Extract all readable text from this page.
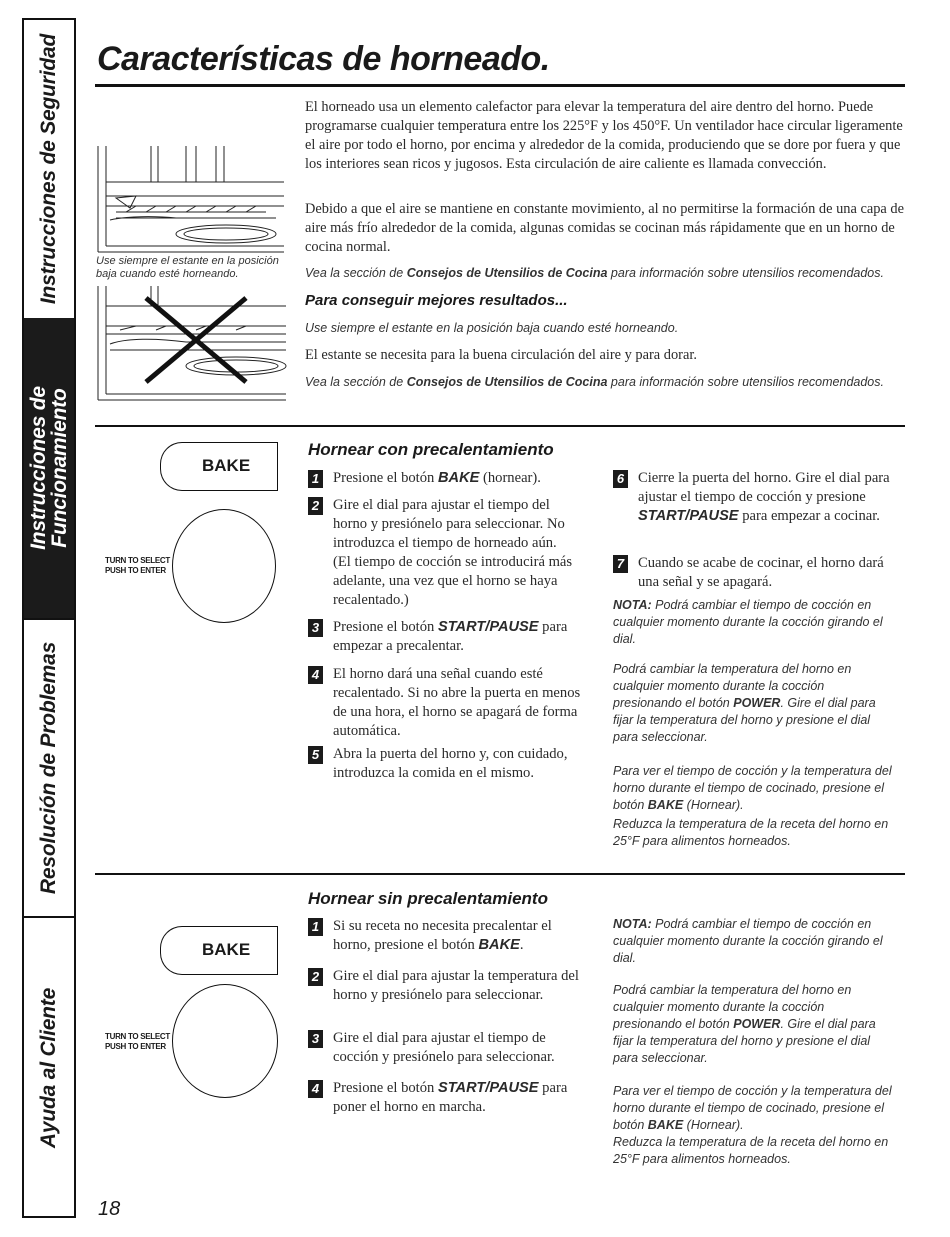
Instrucciones de Seguridad
Instrucciones de
Funcionamiento
Resolución de Problemas
Ayuda al Cliente
Características de horneado.
Use siempre el estante en la posición baja cuando esté horneando.
El horneado usa un elemento calefactor para elevar la temperatura del aire dentro del horno. Puede programarse cualquier temperatura entre los 225°F y los 450°F. Un ventilador hace circular ligeramente el aire por todo el horno, por encima y alrededor de la comida, produciendo que se dore por fuera y que los interiores sean ricos y jugosos. Esta circulación de aire caliente es llamada convección.
Debido a que el aire se mantiene en constante movimiento, al no permitirse la formación de una capa de aire más frío alrededor de la comida, algunas comidas se cocinan más rápidamente que en un horno de cocina normal.
Vea la sección de Consejos de Utensilios de Cocina para información sobre utensilios recomendados.
Para conseguir mejores resultados...
Use siempre el estante en la posición baja cuando esté horneando.
El estante se necesita para la buena circulación del aire y para dorar.
Vea la sección de Consejos de Utensilios de Cocina para información sobre utensilios recomendados.
BAKE
TURN TO SELECT
PUSH TO ENTER
Hornear con precalentamiento
1 Presione el botón BAKE (hornear).
2 Gire el dial para ajustar el tiempo del horno y presiónelo para seleccionar. No introduzca el tiempo de horneado aún. (El tiempo de cocción se introducirá más adelante, una vez que el horno se haya recalentado.)
3 Presione el botón START/PAUSE para empezar a precalentar.
4 El horno dará una señal cuando esté recalentado. Si no abre la puerta en menos de una hora, el horno se apagará de forma automática.
5 Abra la puerta del horno y, con cuidado, introduzca la comida en el mismo.
6 Cierre la puerta del horno. Gire el dial para ajustar el tiempo de cocción y presione START/PAUSE para empezar a cocinar.
7 Cuando se acabe de cocinar, el horno dará una señal y se apagará.
NOTA: Podrá cambiar el tiempo de cocción en cualquier momento durante la cocción girando el dial.
Podrá cambiar la temperatura del horno en cualquier momento durante la cocción presionando el botón POWER. Gire el dial para fijar la temperatura del horno y presione el dial para seleccionar.
Para ver el tiempo de cocción y la temperatura del horno durante el tiempo de cocinado, presione el botón BAKE (Hornear).
Reduzca la temperatura de la receta del horno en 25°F para alimentos horneados.
BAKE
TURN TO SELECT
PUSH TO ENTER
Hornear sin precalentamiento
1 Si su receta no necesita precalentar el horno, presione el botón BAKE.
2 Gire el dial para ajustar la temperatura del horno y presiónelo para seleccionar.
3 Gire el dial para ajustar el tiempo de cocción y presiónelo para seleccionar.
4 Presione el botón START/PAUSE para poner el horno en marcha.
NOTA: Podrá cambiar el tiempo de cocción en cualquier momento durante la cocción girando el dial.
Podrá cambiar la temperatura del horno en cualquier momento durante la cocción presionando el botón POWER. Gire el dial para fijar la temperatura del horno y presione el dial para seleccionar.
Para ver el tiempo de cocción y la temperatura del horno durante el tiempo de cocinado, presione el botón BAKE (Hornear).
Reduzca la temperatura de la receta del horno en 25°F para alimentos horneados.
18
